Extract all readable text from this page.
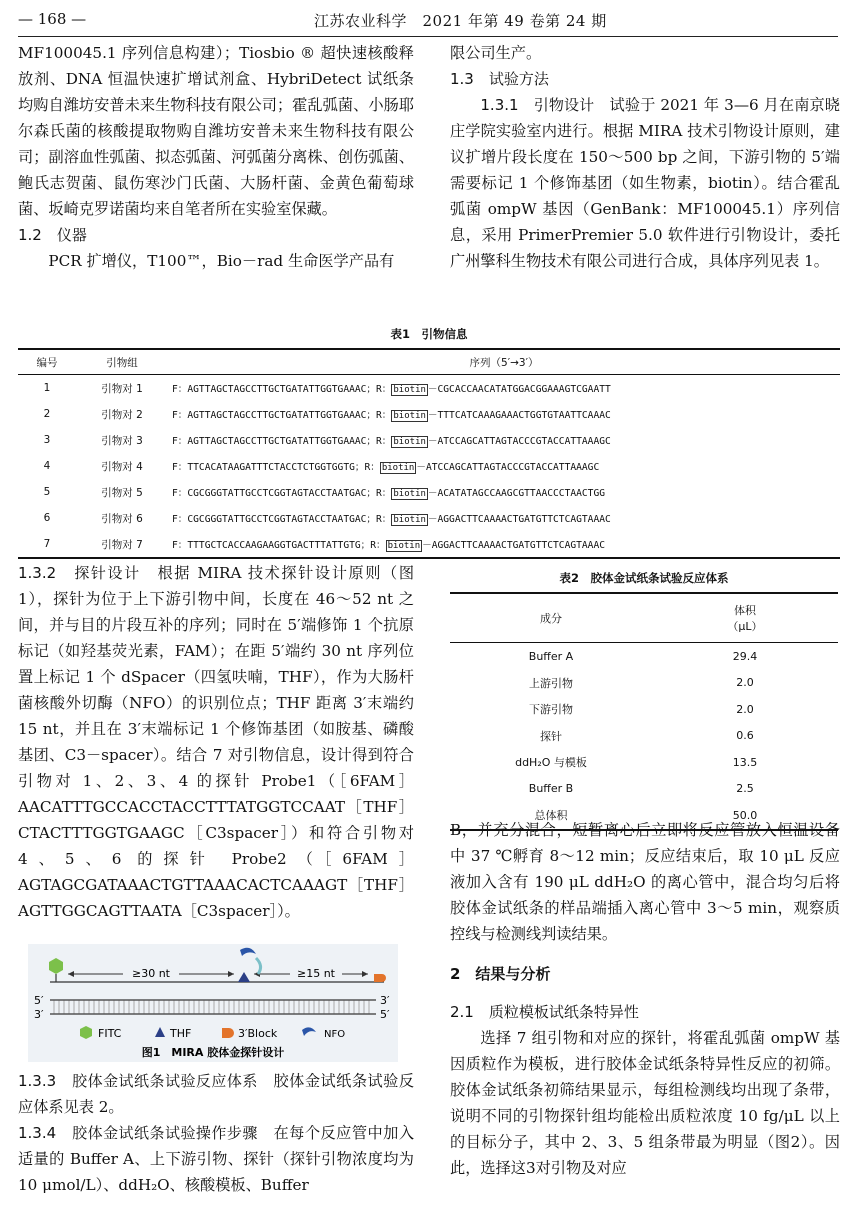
— 168 —	江苏农业科学　2021 年第 49 卷第 24 期

MF100045.1 序列信息构建）；Tiosbio ® 超快速核酸释放剂、DNA 恒温快速扩增试剂盒、HybriDetect 试纸条均购自潍坊安普未来生物科技有限公司；霍乱弧菌、小肠耶尔森氏菌的核酸提取物购自潍坊安普未来生物科技有限公司；副溶血性弧菌、拟态弧菌、河弧菌分离株、创伤弧菌、鲍氏志贺菌、鼠伤寒沙门氏菌、大肠杆菌、金黄色葡萄球菌、坂崎克罗诺菌均来自笔者所在实验室保藏。

1.2　仪器

PCR 扩增仪，T100™，Bio－rad 生命医学产品有

限公司生产。

1.3　试验方法

1.3.1　引物设计　 试验于 2021 年 3—6 月在南京晓庄学院实验室内进行。根据 MIRA 技术引物设计原则，建议扩增片段长度在 150～500 bp 之间，下游引物的 5′端需要标记 1 个修饰基团（如生物素，biotin）。结合霍乱弧菌 ompW 基因（GenBank：MF100045.1）序列信息，采用 PrimerPremier 5.0 软件进行引物设计，委托广州擎科生物技术有限公司进行合成，具体序列见表 1。

表1　引物信息
编号	引物组	序列（5′→3′）
1	引物对 1	F：AGTTAGCTAGCCTTGCTGATATTGGTGAAAC；R： biotin －CGCACCAACATATGGACGGAAAGTCGAATT
2	引物对 2	F：AGTTAGCTAGCCTTGCTGATATTGGTGAAAC；R： biotin －TTTCATCAAAGAAACTGGTGTAATTCAAAC
3	引物对 3	F：AGTTAGCTAGCCTTGCTGATATTGGTGAAAC；R： biotin －ATCCAGCATTAGTACCCGTACCATTAAAGC
4	引物对 4	F：TTCACATAAGATTTCTACCTCTGGTGGTG；R： biotin －ATCCAGCATTAGTACCCGTACCATTAAAGC
5	引物对 5	F：CGCGGGTATTGCCTCGGTAGTACCTAATGAC；R： biotin －ACATATAGCCAAGCGTTAACCCTAACTGG
6	引物对 6	F：CGCGGGTATTGCCTCGGTAGTACCTAATGAC；R： biotin －AGGACTTCAAAACTGATGTTCTCAGTAAAC
7	引物对 7	F：TTTGCTCACCAAGAAGGTGACTTTATTGTG；R： biotin －AGGACTTCAAAACTGATGTTCTCAGTAAAC

1.3.2　探针设计　 根据 MIRA 技术探针设计原则（图1），探针为位于上下游引物中间，长度在 46～52 nt 之间，并与目的片段互补的序列；同时在 5′端修饰 1 个抗原标记（如羟基荧光素，FAM）；在距 5′端约 30 nt 序列位置上标记 1 个 dSpacer（四氢呋喃，THF），作为大肠杆菌核酸外切酶（NFO）的识别位点；THF 距离 3′末端约 15 nt，并且在 3′末端标记 1 个修饰基团（如胺基、磷酸基团、C3－spacer）。结合 7 对引物信息，设计得到符合引物对 1、2、3、4 的探针 Probe1（［6FAM］AACATTTGCCACCTACCTTTATGGTCCAAT［THF］CTACTTTGGTGAAGC［C3spacer］）和符合引物对 4、5、6 的探针 Probe2（［6FAM］AGTAGCGATAAACTGTTAAACACTCAAAGT［THF］AGTTGGCAGTTAATA［C3spacer］）。

表2　胶体金试纸条试验反应体系
成分	体积
（μL）
Buffer A	29.4
上游引物	2.0
下游引物	2.0
探针	0.6
ddH₂O 与模板	13.5
Buffer B	2.5
总体积	50.0

B，并充分混合，短暂离心后立即将反应管放入恒温设备中 37 ℃孵育 8～12 min；反应结束后，取 10 μL 反应液加入含有 190 μL ddH₂O 的离心管中，混合均匀后将胶体金试纸条的样品端插入离心管中 3～5 min，观察质控线与检测线判读结果。

2　结果与分析

2.1　质粒模板试纸条特异性

选择 7 组引物和对应的探针，将霍乱弧菌 ompW 基因质粒作为模板，进行胶体金试纸条特异性反应的初筛。胶体金试纸条初筛结果显示，每组检测线均出现了条带，说明不同的引物探针组均能检出质粒浓度 10 fg/μL 以上的目标分子，其中 2、3、5 组条带最为明显（图2）。因此，选择这3对引物及对应

≥30 nt	≥15 nt
5′	3′
3′	5′
FITC	THF	3′Block	NFO
图1　MIRA 胶体金探针设计

1.3.3　胶体金试纸条试验反应体系　 胶体金试纸条试验反应体系见表 2。

1.3.4　胶体金试纸条试验操作步骤　 在每个反应管中加入适量的 Buffer A、上下游引物、探针（探针引物浓度均为 10 μmol/L）、ddH₂O、核酸模板、Buffer
